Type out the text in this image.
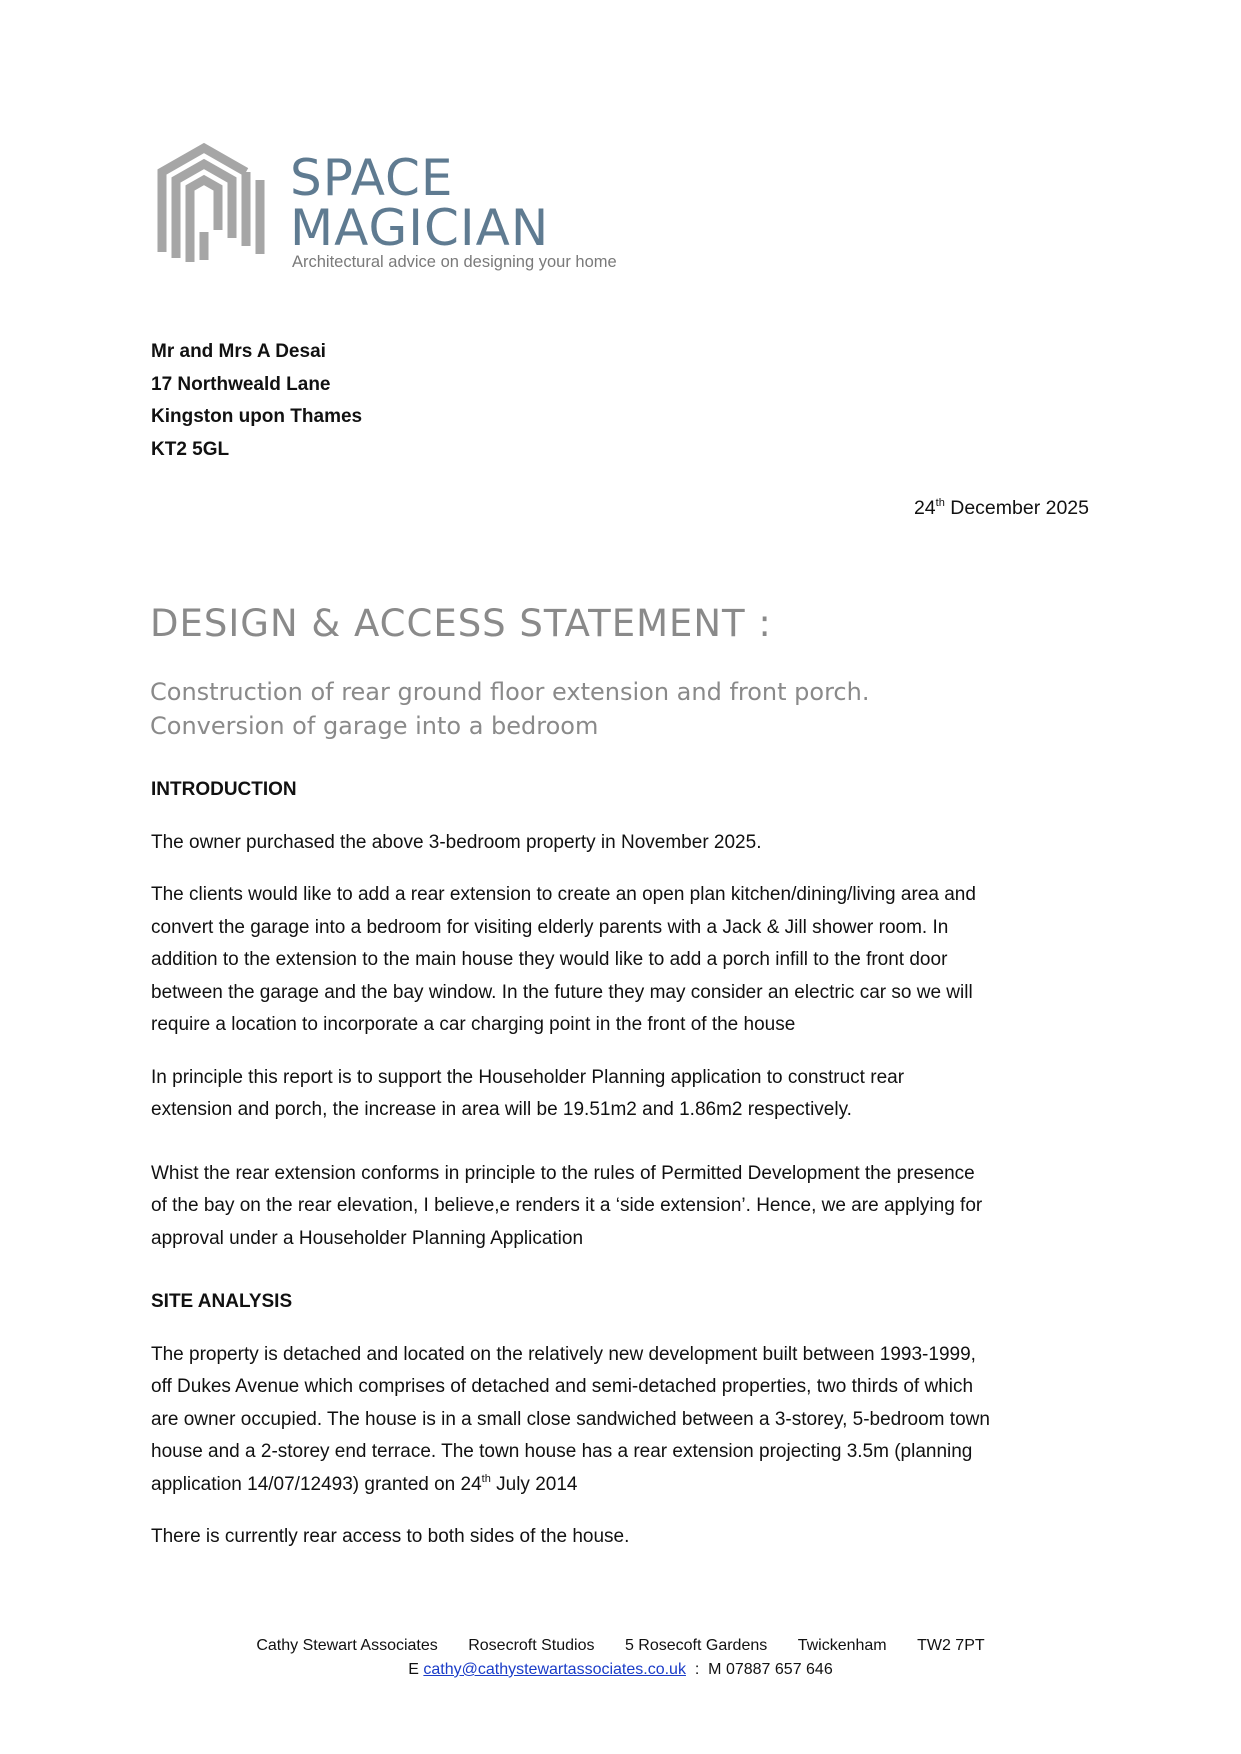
SPACE
MAGICIAN
Architectural advice on designing your home
Mr and Mrs A Desai
17 Northweald Lane
Kingston upon Thames
KT2 5GL
24th December 2025
DESIGN & ACCESS STATEMENT :
Construction of rear ground floor extension and front porch.
Conversion of garage into a bedroom
INTRODUCTION
The owner purchased the above 3-bedroom property in November 2025.
The clients would like to add a rear extension to create an open plan kitchen/dining/living area and
convert the garage into a bedroom for visiting elderly parents with a Jack & Jill shower room. In
addition to the extension to the main house they would like to add a porch infill to the front door
between the garage and the bay window. In the future they may consider an electric car so we will
require a location to incorporate a car charging point in the front of the house
In principle this report is to support the Householder Planning application to construct rear
extension and porch, the increase in area will be 19.51m2 and 1.86m2 respectively.
Whist the rear extension conforms in principle to the rules of Permitted Development the presence
of the bay on the rear elevation, I believe,e renders it a ‘side extension’. Hence, we are applying for
approval under a Householder Planning Application
SITE ANALYSIS
The property is detached and located on the relatively new development built between 1993-1999,
off Dukes Avenue which comprises of detached and semi-detached properties, two thirds of which
are owner occupied. The house is in a small close sandwiched between a 3-storey, 5-bedroom town
house and a 2-storey end terrace. The town house has a rear extension projecting 3.5m (planning
application 14/07/12493) granted on 24th July 2014
There is currently rear access to both sides of the house.
Cathy Stewart Associates Rosecroft Studios 5 Rosecoft Gardens Twickenham TW2 7PT
E cathy@cathystewartassociates.co.uk  :  M 07887 657 646
